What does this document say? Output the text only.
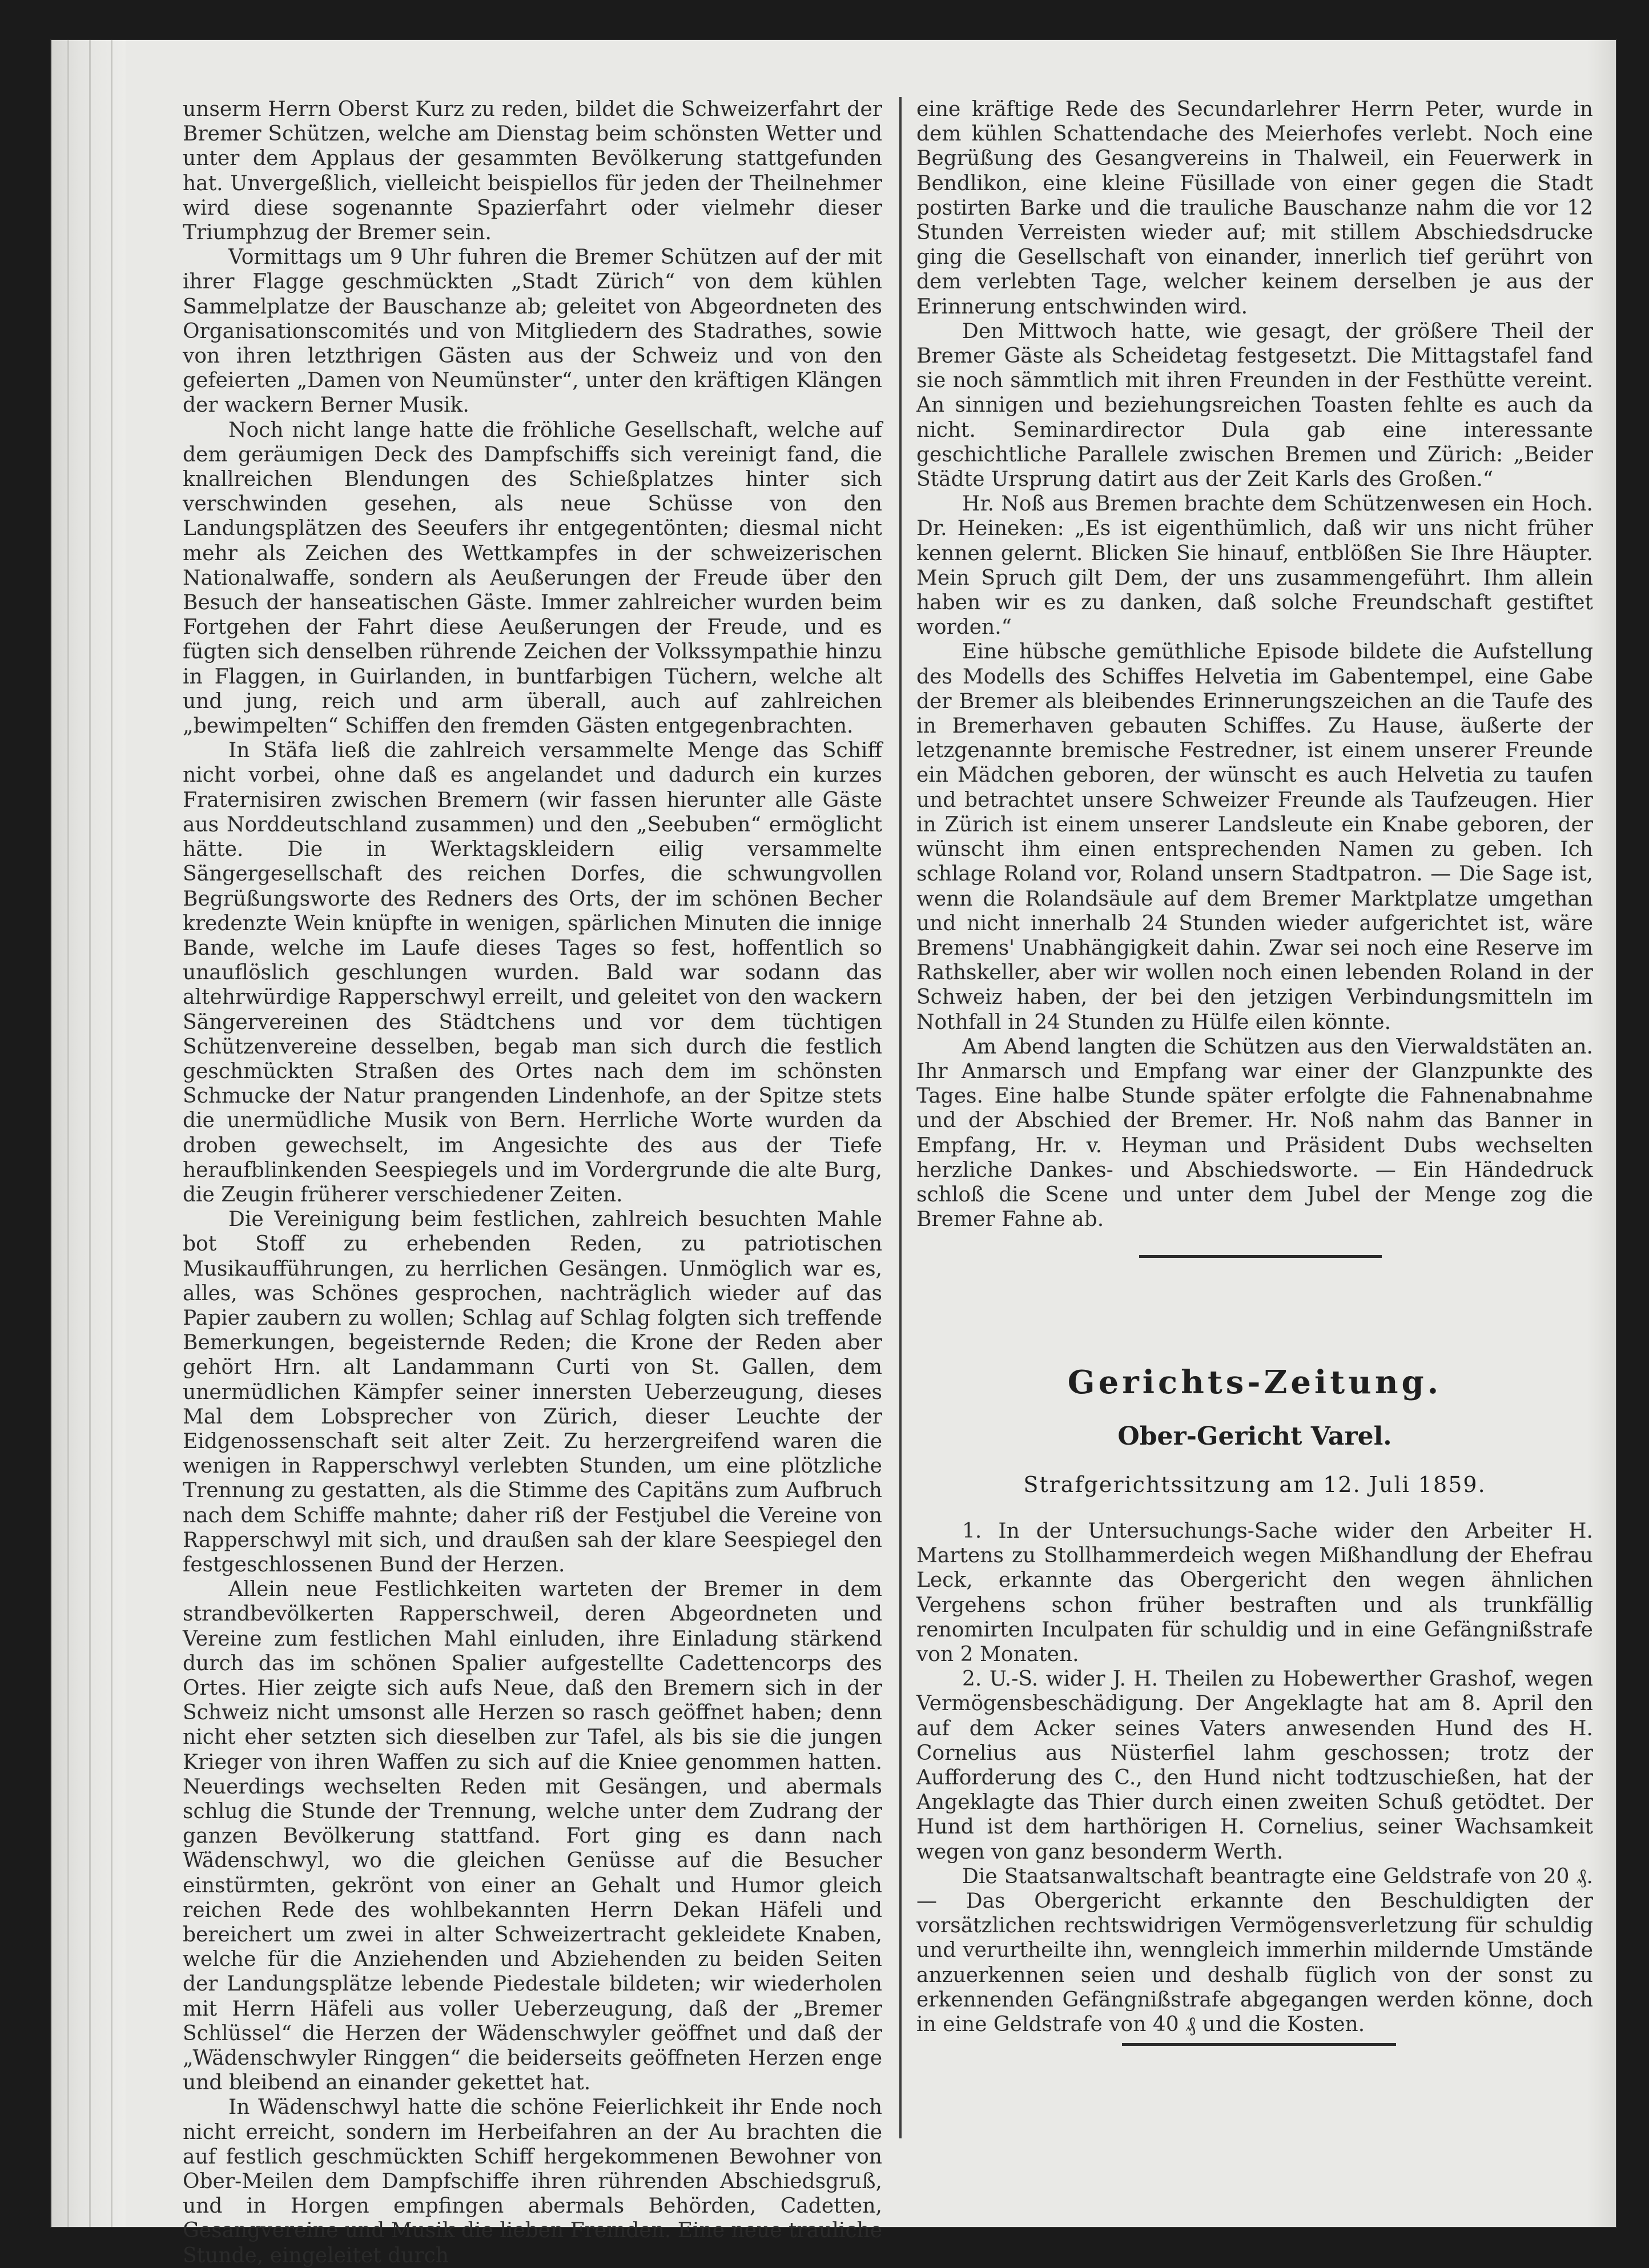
unserm Herrn Oberst Kurz zu reden, bildet die Schweizerfahrt der Bremer Schützen, welche am Dienstag beim schönsten Wetter und unter dem Applaus der gesammten Bevölkerung stattgefunden hat. Unvergeßlich, vielleicht beispiellos für jeden der Theilnehmer wird diese sogenannte Spazierfahrt oder vielmehr dieser Triumphzug der Bremer sein.

Vormittags um 9 Uhr fuhren die Bremer Schützen auf der mit ihrer Flagge geschmückten „Stadt Zürich“ von dem kühlen Sammelplatze der Bauschanze ab; geleitet von Abgeordneten des Organisationscomités und von Mitgliedern des Stadrathes, sowie von ihren letzthrigen Gästen aus der Schweiz und von den gefeierten „Damen von Neumünster“, unter den kräftigen Klängen der wackern Berner Musik.

Noch nicht lange hatte die fröhliche Gesellschaft, welche auf dem geräumigen Deck des Dampfschiffs sich vereinigt fand, die knallreichen Blendungen des Schießplatzes hinter sich verschwinden gesehen, als neue Schüsse von den Landungsplätzen des Seeufers ihr entgegentönten; diesmal nicht mehr als Zeichen des Wettkampfes in der schweizerischen Nationalwaffe, sondern als Aeußerungen der Freude über den Besuch der hanseatischen Gäste. Immer zahlreicher wurden beim Fortgehen der Fahrt diese Aeußerungen der Freude, und es fügten sich denselben rührende Zeichen der Volkssympathie hinzu in Flaggen, in Guirlanden, in buntfarbigen Tüchern, welche alt und jung, reich und arm überall, auch auf zahlreichen „bewimpelten“ Schiffen den fremden Gästen entgegenbrachten.

In Stäfa ließ die zahlreich versammelte Menge das Schiff nicht vorbei, ohne daß es angelandet und dadurch ein kurzes Fraternisiren zwischen Bremern (wir fassen hierunter alle Gäste aus Norddeutschland zusammen) und den „Seebuben“ ermöglicht hätte. Die in Werktagskleidern eilig versammelte Sängergesellschaft des reichen Dorfes, die schwungvollen Begrüßungsworte des Redners des Orts, der im schönen Becher kredenzte Wein knüpfte in wenigen, spärlichen Minuten die innige Bande, welche im Laufe dieses Tages so fest, hoffentlich so unauflöslich geschlungen wurden. Bald war sodann das altehrwürdige Rapperschwyl erreilt, und geleitet von den wackern Sängervereinen des Städtchens und vor dem tüchtigen Schützenvereine desselben, begab man sich durch die festlich geschmückten Straßen des Ortes nach dem im schönsten Schmucke der Natur prangenden Lindenhofe, an der Spitze stets die unermüdliche Musik von Bern. Herrliche Worte wurden da droben gewechselt, im Angesichte des aus der Tiefe heraufblinkenden Seespiegels und im Vordergrunde die alte Burg, die Zeugin früherer verschiedener Zeiten.

Die Vereinigung beim festlichen, zahlreich besuchten Mahle bot Stoff zu erhebenden Reden, zu patriotischen Musikaufführungen, zu herrlichen Gesängen. Unmöglich war es, alles, was Schönes gesprochen, nachträglich wieder auf das Papier zaubern zu wollen; Schlag auf Schlag folgten sich treffende Bemerkungen, begeisternde Reden; die Krone der Reden aber gehört Hrn. alt Landammann Curti von St. Gallen, dem unermüdlichen Kämpfer seiner innersten Ueberzeugung, dieses Mal dem Lobsprecher von Zürich, dieser Leuchte der Eidgenossenschaft seit alter Zeit. Zu herzergreifend waren die wenigen in Rapperschwyl verlebten Stunden, um eine plötzliche Trennung zu gestatten, als die Stimme des Capitäns zum Aufbruch nach dem Schiffe mahnte; daher riß der Festjubel die Vereine von Rapperschwyl mit sich, und draußen sah der klare Seespiegel den festgeschlossenen Bund der Herzen.

Allein neue Festlichkeiten warteten der Bremer in dem strandbevölkerten Rapperschweil, deren Abgeordneten und Vereine zum festlichen Mahl einluden, ihre Einladung stärkend durch das im schönen Spalier aufgestellte Cadettencorps des Ortes. Hier zeigte sich aufs Neue, daß den Bremern sich in der Schweiz nicht umsonst alle Herzen so rasch geöffnet haben; denn nicht eher setzten sich dieselben zur Tafel, als bis sie die jungen Krieger von ihren Waffen zu sich auf die Kniee genommen hatten. Neuerdings wechselten Reden mit Gesängen, und abermals schlug die Stunde der Trennung, welche unter dem Zudrang der ganzen Bevölkerung stattfand. Fort ging es dann nach Wädenschwyl, wo die gleichen Genüsse auf die Besucher einstürmten, gekrönt von einer an Gehalt und Humor gleich reichen Rede des wohlbekannten Herrn Dekan Häfeli und bereichert um zwei in alter Schweizertracht gekleidete Knaben, welche für die Anziehenden und Abziehenden zu beiden Seiten der Landungsplätze lebende Piedestale bildeten; wir wiederholen mit Herrn Häfeli aus voller Ueberzeugung, daß der „Bremer Schlüssel“ die Herzen der Wädenschwyler geöffnet und daß der „Wädenschwyler Ringgen“ die beiderseits geöffneten Herzen enge und bleibend an einander gekettet hat.

In Wädenschwyl hatte die schöne Feierlichkeit ihr Ende noch nicht erreicht, sondern im Herbeifahren an der Au brachten die auf festlich geschmückten Schiff hergekommenen Bewohner von Ober-Meilen dem Dampfschiffe ihren rührenden Abschiedsgruß, und in Horgen empfingen abermals Behörden, Cadetten, Gesangvereine und Musik die lieben Fremden. Eine neue trauliche Stunde, eingeleitet durch

eine kräftige Rede des Secundarlehrer Herrn Peter, wurde in dem kühlen Schattendache des Meierhofes verlebt. Noch eine Begrüßung des Gesangvereins in Thalweil, ein Feuerwerk in Bendlikon, eine kleine Füsillade von einer gegen die Stadt postirten Barke und die trauliche Bauschanze nahm die vor 12 Stunden Verreisten wieder auf; mit stillem Abschiedsdrucke ging die Gesellschaft von einander, innerlich tief gerührt von dem verlebten Tage, welcher keinem derselben je aus der Erinnerung entschwinden wird.

Den Mittwoch hatte, wie gesagt, der größere Theil der Bremer Gäste als Scheidetag festgesetzt. Die Mittagstafel fand sie noch sämmtlich mit ihren Freunden in der Festhütte vereint. An sinnigen und beziehungsreichen Toasten fehlte es auch da nicht. Seminardirector Dula gab eine interessante geschichtliche Parallele zwischen Bremen und Zürich: „Beider Städte Ursprung datirt aus der Zeit Karls des Großen.“

Hr. Noß aus Bremen brachte dem Schützenwesen ein Hoch. Dr. Heineken: „Es ist eigenthümlich, daß wir uns nicht früher kennen gelernt. Blicken Sie hinauf, entblößen Sie Ihre Häupter. Mein Spruch gilt Dem, der uns zusammengeführt. Ihm allein haben wir es zu danken, daß solche Freundschaft gestiftet worden.“

Eine hübsche gemüthliche Episode bildete die Aufstellung des Modells des Schiffes Helvetia im Gabentempel, eine Gabe der Bremer als bleibendes Erinnerungszeichen an die Taufe des in Bremerhaven gebauten Schiffes. Zu Hause, äußerte der letzgenannte bremische Festredner, ist einem unserer Freunde ein Mädchen geboren, der wünscht es auch Helvetia zu taufen und betrachtet unsere Schweizer Freunde als Taufzeugen. Hier in Zürich ist einem unserer Landsleute ein Knabe geboren, der wünscht ihm einen entsprechenden Namen zu geben. Ich schlage Roland vor, Roland unsern Stadtpatron. — Die Sage ist, wenn die Rolandsäule auf dem Bremer Marktplatze umgethan und nicht innerhalb 24 Stunden wieder aufgerichtet ist, wäre Bremens' Unabhängigkeit dahin. Zwar sei noch eine Reserve im Rathskeller, aber wir wollen noch einen lebenden Roland in der Schweiz haben, der bei den jetzigen Verbindungsmitteln im Nothfall in 24 Stunden zu Hülfe eilen könnte.

Am Abend langten die Schützen aus den Vierwaldstäten an. Ihr Anmarsch und Empfang war einer der Glanzpunkte des Tages. Eine halbe Stunde später erfolgte die Fahnenabnahme und der Abschied der Bremer. Hr. Noß nahm das Banner in Empfang, Hr. v. Heyman und Präsident Dubs wechselten herzliche Dankes- und Abschiedsworte. — Ein Händedruck schloß die Scene und unter dem Jubel der Menge zog die Bremer Fahne ab.

Gerichts-Zeitung.
Ober-Gericht Varel.
Strafgerichtssitzung am 12. Juli 1859.

1. In der Untersuchungs-Sache wider den Arbeiter H. Martens zu Stollhammerdeich wegen Mißhandlung der Ehefrau Leck, erkannte das Obergericht den wegen ähnlichen Vergehens schon früher bestraften und als trunkfällig renomirten Inculpaten für schuldig und in eine Gefängnißstrafe von 2 Monaten.

2. U.-S. wider J. H. Theilen zu Hobewerther Grashof, wegen Vermögensbeschädigung. Der Angeklagte hat am 8. April den auf dem Acker seines Vaters anwesenden Hund des H. Cornelius aus Nüsterfiel lahm geschossen; trotz der Aufforderung des C., den Hund nicht todtzuschießen, hat der Angeklagte das Thier durch einen zweiten Schuß getödtet. Der Hund ist dem harthörigen H. Cornelius, seiner Wachsamkeit wegen von ganz besonderm Werth.

Die Staatsanwaltschaft beantragte eine Geldstrafe von 20 ₰. — Das Obergericht erkannte den Beschuldigten der vorsätzlichen rechtswidrigen Vermögensverletzung für schuldig und verurtheilte ihn, wenngleich immerhin mildernde Umstände anzuerkennen seien und deshalb füglich von der sonst zu erkennenden Gefängnißstrafe abgegangen werden könne, doch in eine Geldstrafe von 40 ₰ und die Kosten.
